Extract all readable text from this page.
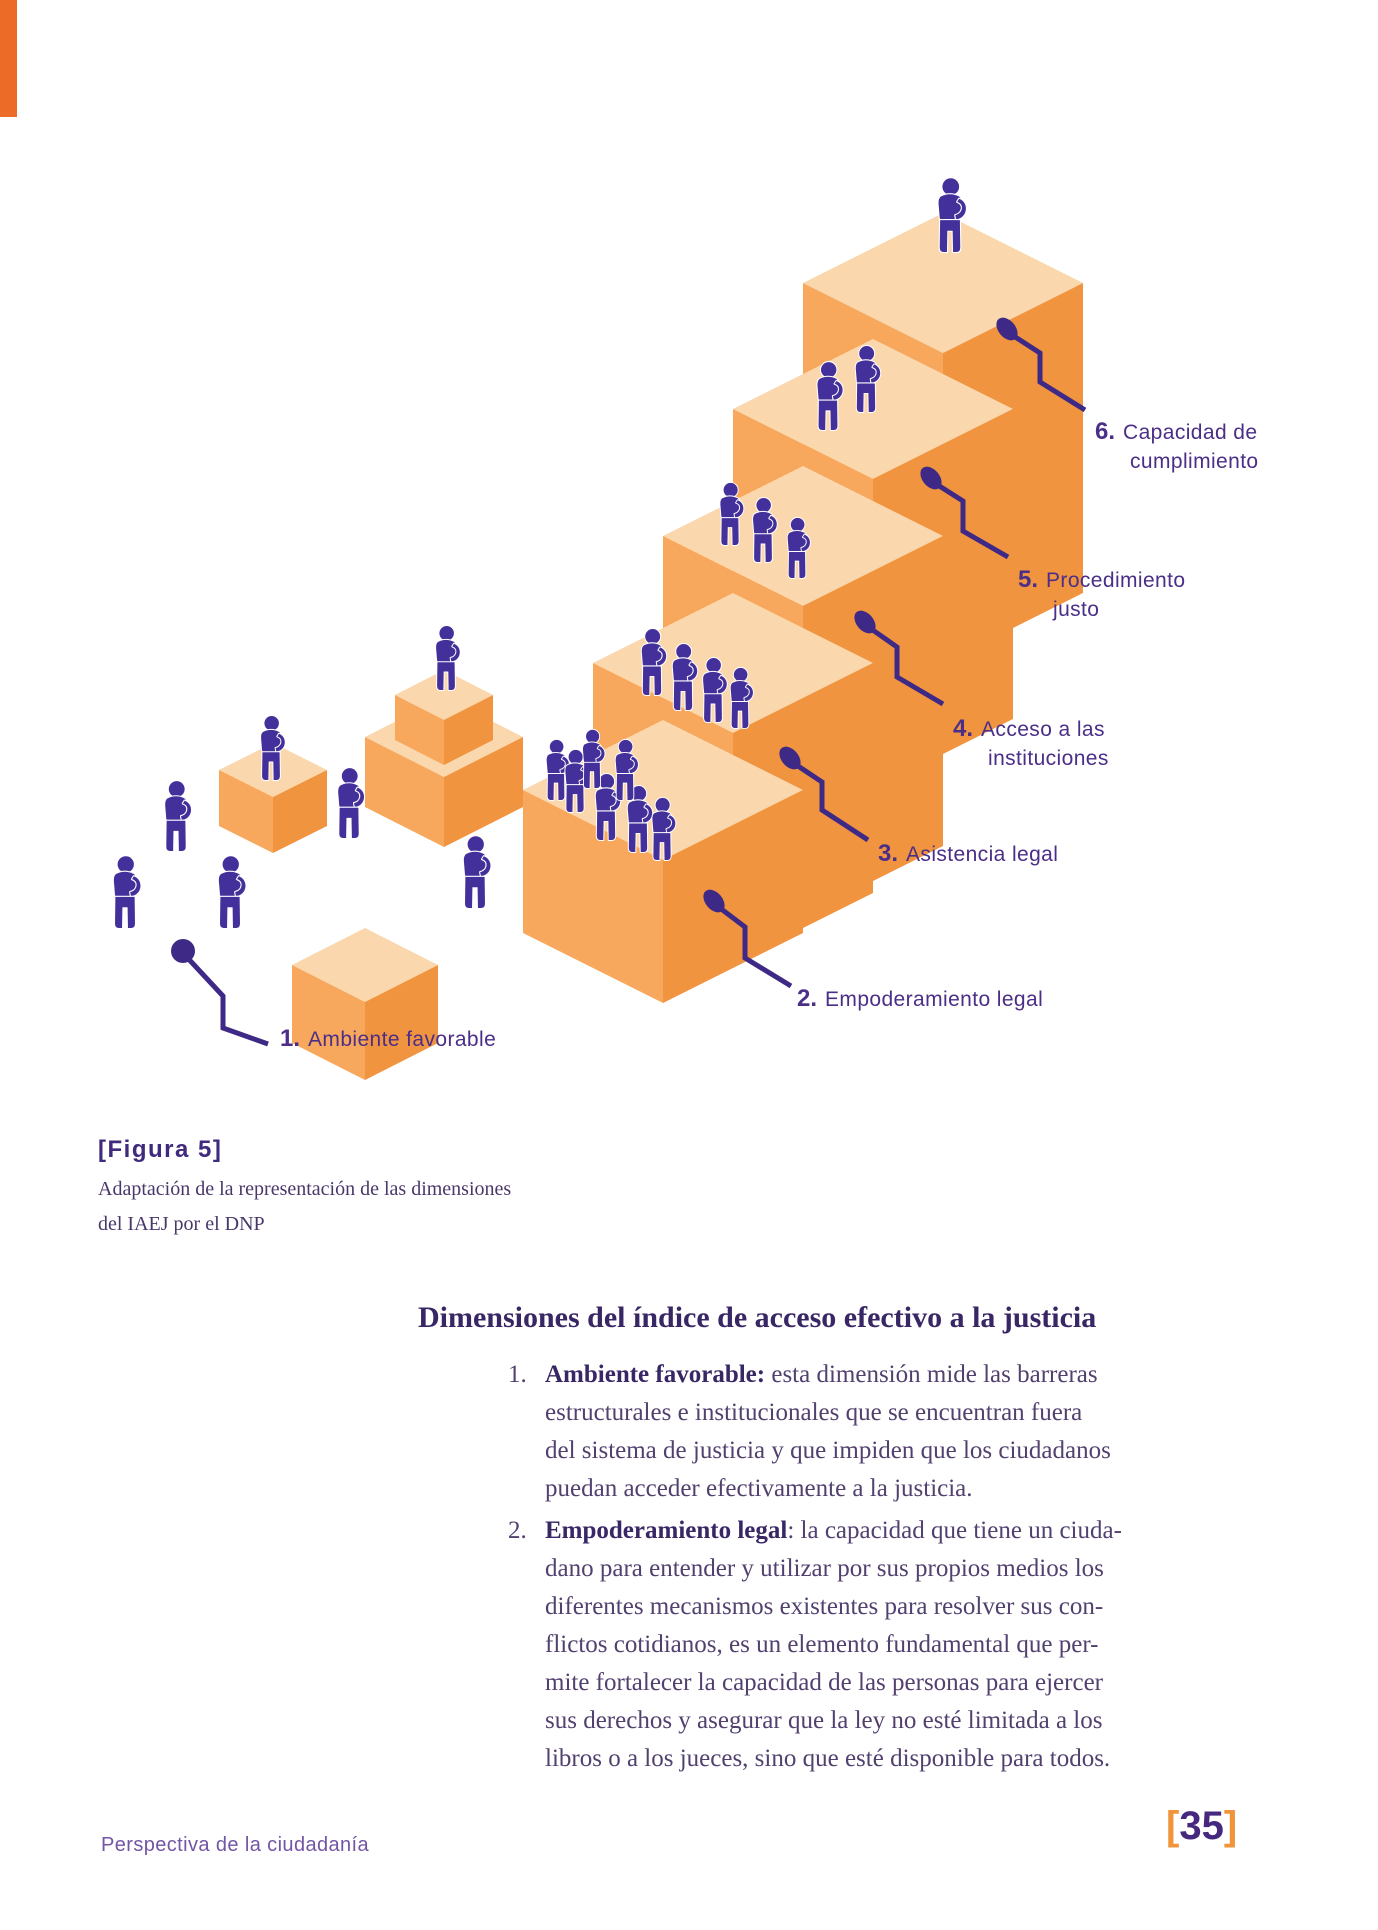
1. Ambiente favorable
2. Empoderamiento legal
3. Asistencia legal
4. Acceso a las
instituciones
5. Procedimiento
justo
6. Capacidad de
cumplimiento
[Figura 5]
Adaptación de la representación de las dimensiones
del IAEJ por el DNP
Dimensiones del índice de acceso efectivo a la justicia
1. Ambiente favorable: esta dimensión mide las barreras
estructurales e institucionales que se encuentran fuera
del sistema de justicia y que impiden que los ciudadanos
puedan acceder efectivamente a la justicia.
2. Empoderamiento legal: la capacidad que tiene un ciuda-
dano para entender y utilizar por sus propios medios los
diferentes mecanismos existentes para resolver sus con-
flictos cotidianos, es un elemento fundamental que per-
mite fortalecer la capacidad de las personas para ejercer
sus derechos y asegurar que la ley no esté limitada a los
libros o a los jueces, sino que esté disponible para todos.
Perspectiva de la ciudadanía	[35]
